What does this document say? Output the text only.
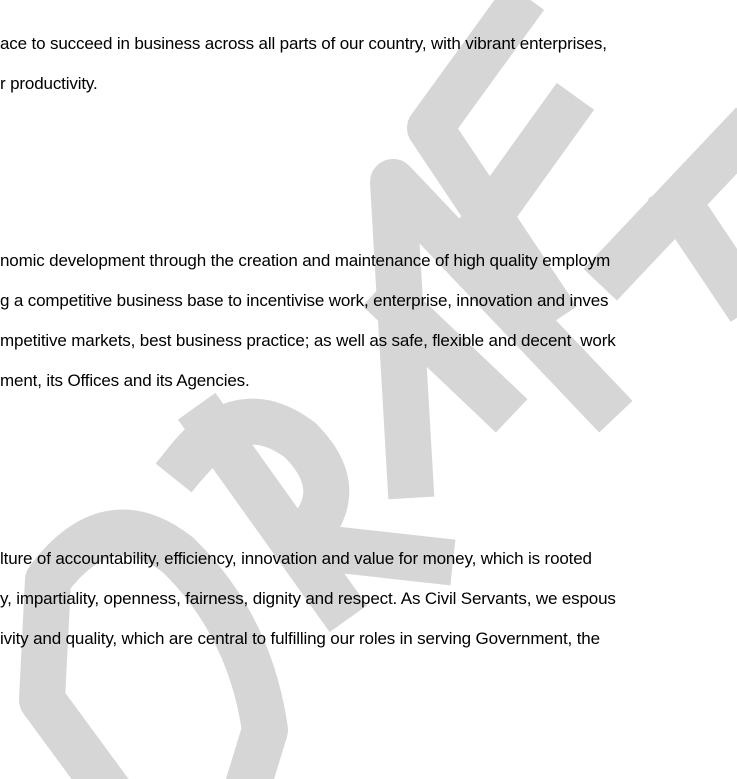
ace to succeed in business across all parts of our country, with vibrant enterprises,
r productivity.
nomic development through the creation and maintenance of high quality employm
g a competitive business base to incentivise work, enterprise, innovation and inves
mpetitive markets, best business practice; as well as safe, flexible and decent  work
ment, its Offices and its Agencies.
lture of accountability, efficiency, innovation and value for money, which is rooted
y, impartiality, openness, fairness, dignity and respect. As Civil Servants, we espous
ivity and quality, which are central to fulfilling our roles in serving Government, the
